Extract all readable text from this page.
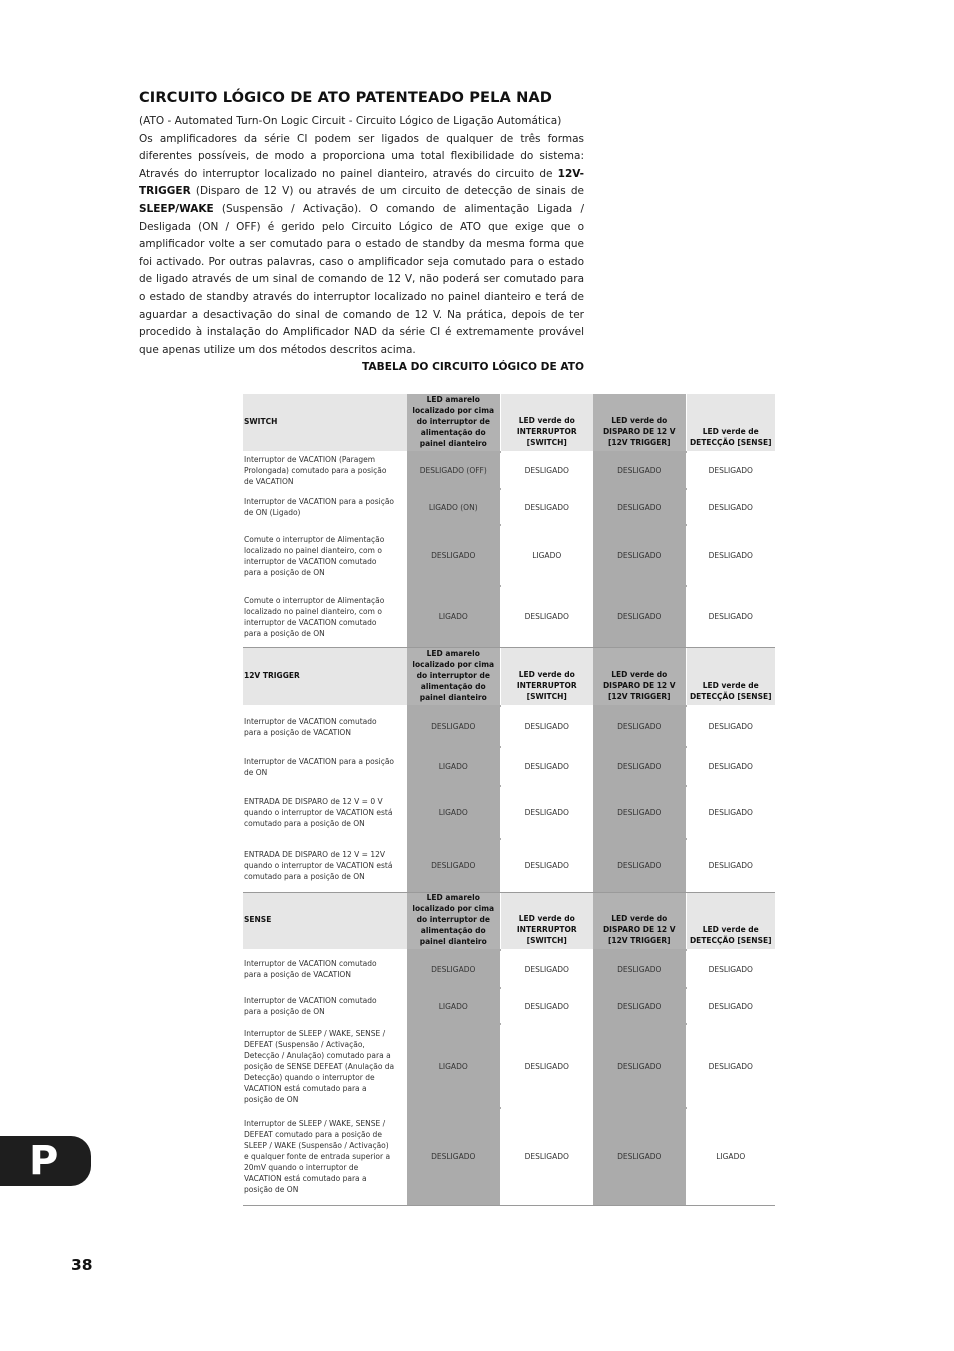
CIRCUITO LÓGICO DE ATO PATENTEADO PELA NAD

(ATO - Automated Turn-On Logic Circuit - Circuito Lógico de Ligação Automática)

Os amplificadores da série CI podem ser ligados de qualquer de três formas diferentes possíveis, de modo a proporciona uma total flexibilidade do sistema: Através do interruptor localizado no painel dianteiro, através do circuito de 12V-TRIGGER (Disparo de 12 V) ou através de um circuito de detecção de sinais de SLEEP/WAKE (Suspensão / Activação). O comando de alimentação Ligada / Desligada (ON / OFF) é gerido pelo Circuito Lógico de ATO que exige que o amplificador volte a ser comutado para o estado de standby da mesma forma que foi activado. Por outras palavras, caso o amplificador seja comutado para o estado de ligado através de um sinal de comando de 12 V, não poderá ser comutado para o estado de standby através do interruptor localizado no painel dianteiro e terá de aguardar a desactivação do sinal de comando de 12 V. Na prática, depois de ter procedido à instalação do Amplificador NAD da série CI é extremamente provável que apenas utilize um dos métodos descritos acima.

TABELA DO CIRCUITO LÓGICO DE ATO
SWITCH	LED amarelo localizado por cima do interruptor de alimentação do painel dianteiro	LED verde do INTERRUPTOR [SWITCH]	LED verde do DISPARO DE 12 V [12V TRIGGER]	LED verde de DETECÇÃO [SENSE]
Interruptor de VACATION (Paragem Prolongada) comutado para a posição de VACATION	DESLIGADO (OFF)	DESLIGADO	DESLIGADO	DESLIGADO
Interruptor de VACATION para a posição de ON (Ligado)	LIGADO (ON)	DESLIGADO	DESLIGADO	DESLIGADO
Comute o interruptor de Alimentação localizado no painel dianteiro, com o interruptor de VACATION comutado para a posição de ON	DESLIGADO	LIGADO	DESLIGADO	DESLIGADO
Comute o interruptor de Alimentação localizado no painel dianteiro, com o interruptor de VACATION comutado para a posição de ON	LIGADO	DESLIGADO	DESLIGADO	DESLIGADO
12V TRIGGER	LED amarelo localizado por cima do interruptor de alimentação do painel dianteiro	LED verde do INTERRUPTOR [SWITCH]	LED verde do DISPARO DE 12 V [12V TRIGGER]	LED verde de DETECÇÃO [SENSE]
Interruptor de VACATION comutado para a posição de VACATION	DESLIGADO	DESLIGADO	DESLIGADO	DESLIGADO
Interruptor de VACATION para a posição de ON	LIGADO	DESLIGADO	DESLIGADO	DESLIGADO
ENTRADA DE DISPARO de 12 V = 0 V quando o interruptor de VACATION está comutado para a posição de ON	LIGADO	DESLIGADO	DESLIGADO	DESLIGADO
ENTRADA DE DISPARO de 12 V = 12V quando o interruptor de VACATION está comutado para a posição de ON	DESLIGADO	DESLIGADO	DESLIGADO	DESLIGADO
SENSE	LED amarelo localizado por cima do interruptor de alimentação do painel dianteiro	LED verde do INTERRUPTOR [SWITCH]	LED verde do DISPARO DE 12 V [12V TRIGGER]	LED verde de DETECÇÃO [SENSE]
Interruptor de VACATION comutado para a posição de VACATION	DESLIGADO	DESLIGADO	DESLIGADO	DESLIGADO
Interruptor de VACATION comutado para a posição de ON	LIGADO	DESLIGADO	DESLIGADO	DESLIGADO
Interruptor de SLEEP / WAKE, SENSE / DEFEAT (Suspensão / Activação, Detecção / Anulação) comutado para a posição de SENSE DEFEAT (Anulação da Detecção) quando o interruptor de VACATION está comutado para a posição de ON	LIGADO	DESLIGADO	DESLIGADO	DESLIGADO
Interruptor de SLEEP / WAKE, SENSE / DEFEAT comutado para a posição de SLEEP / WAKE (Suspensão / Activação) e qualquer fonte de entrada superior a 20mV quando o interruptor de VACATION está comutado para a posição de ON	DESLIGADO	DESLIGADO	DESLIGADO	LIGADO
P
38
